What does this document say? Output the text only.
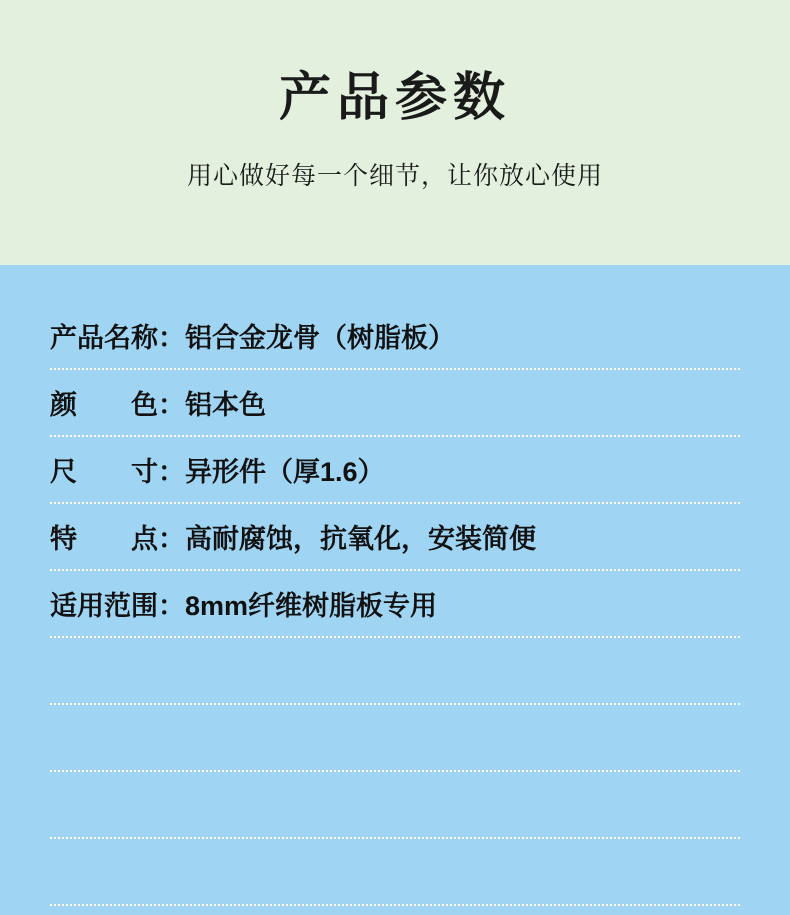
产品参数
用心做好每一个细节，让你放心使用
产品名称：铝合金龙骨（树脂板）
颜　　色：铝本色
尺　　寸：异形件（厚1.6）
特　　点：高耐腐蚀，抗氧化，安装简便
适用范围：8mm纤维树脂板专用
